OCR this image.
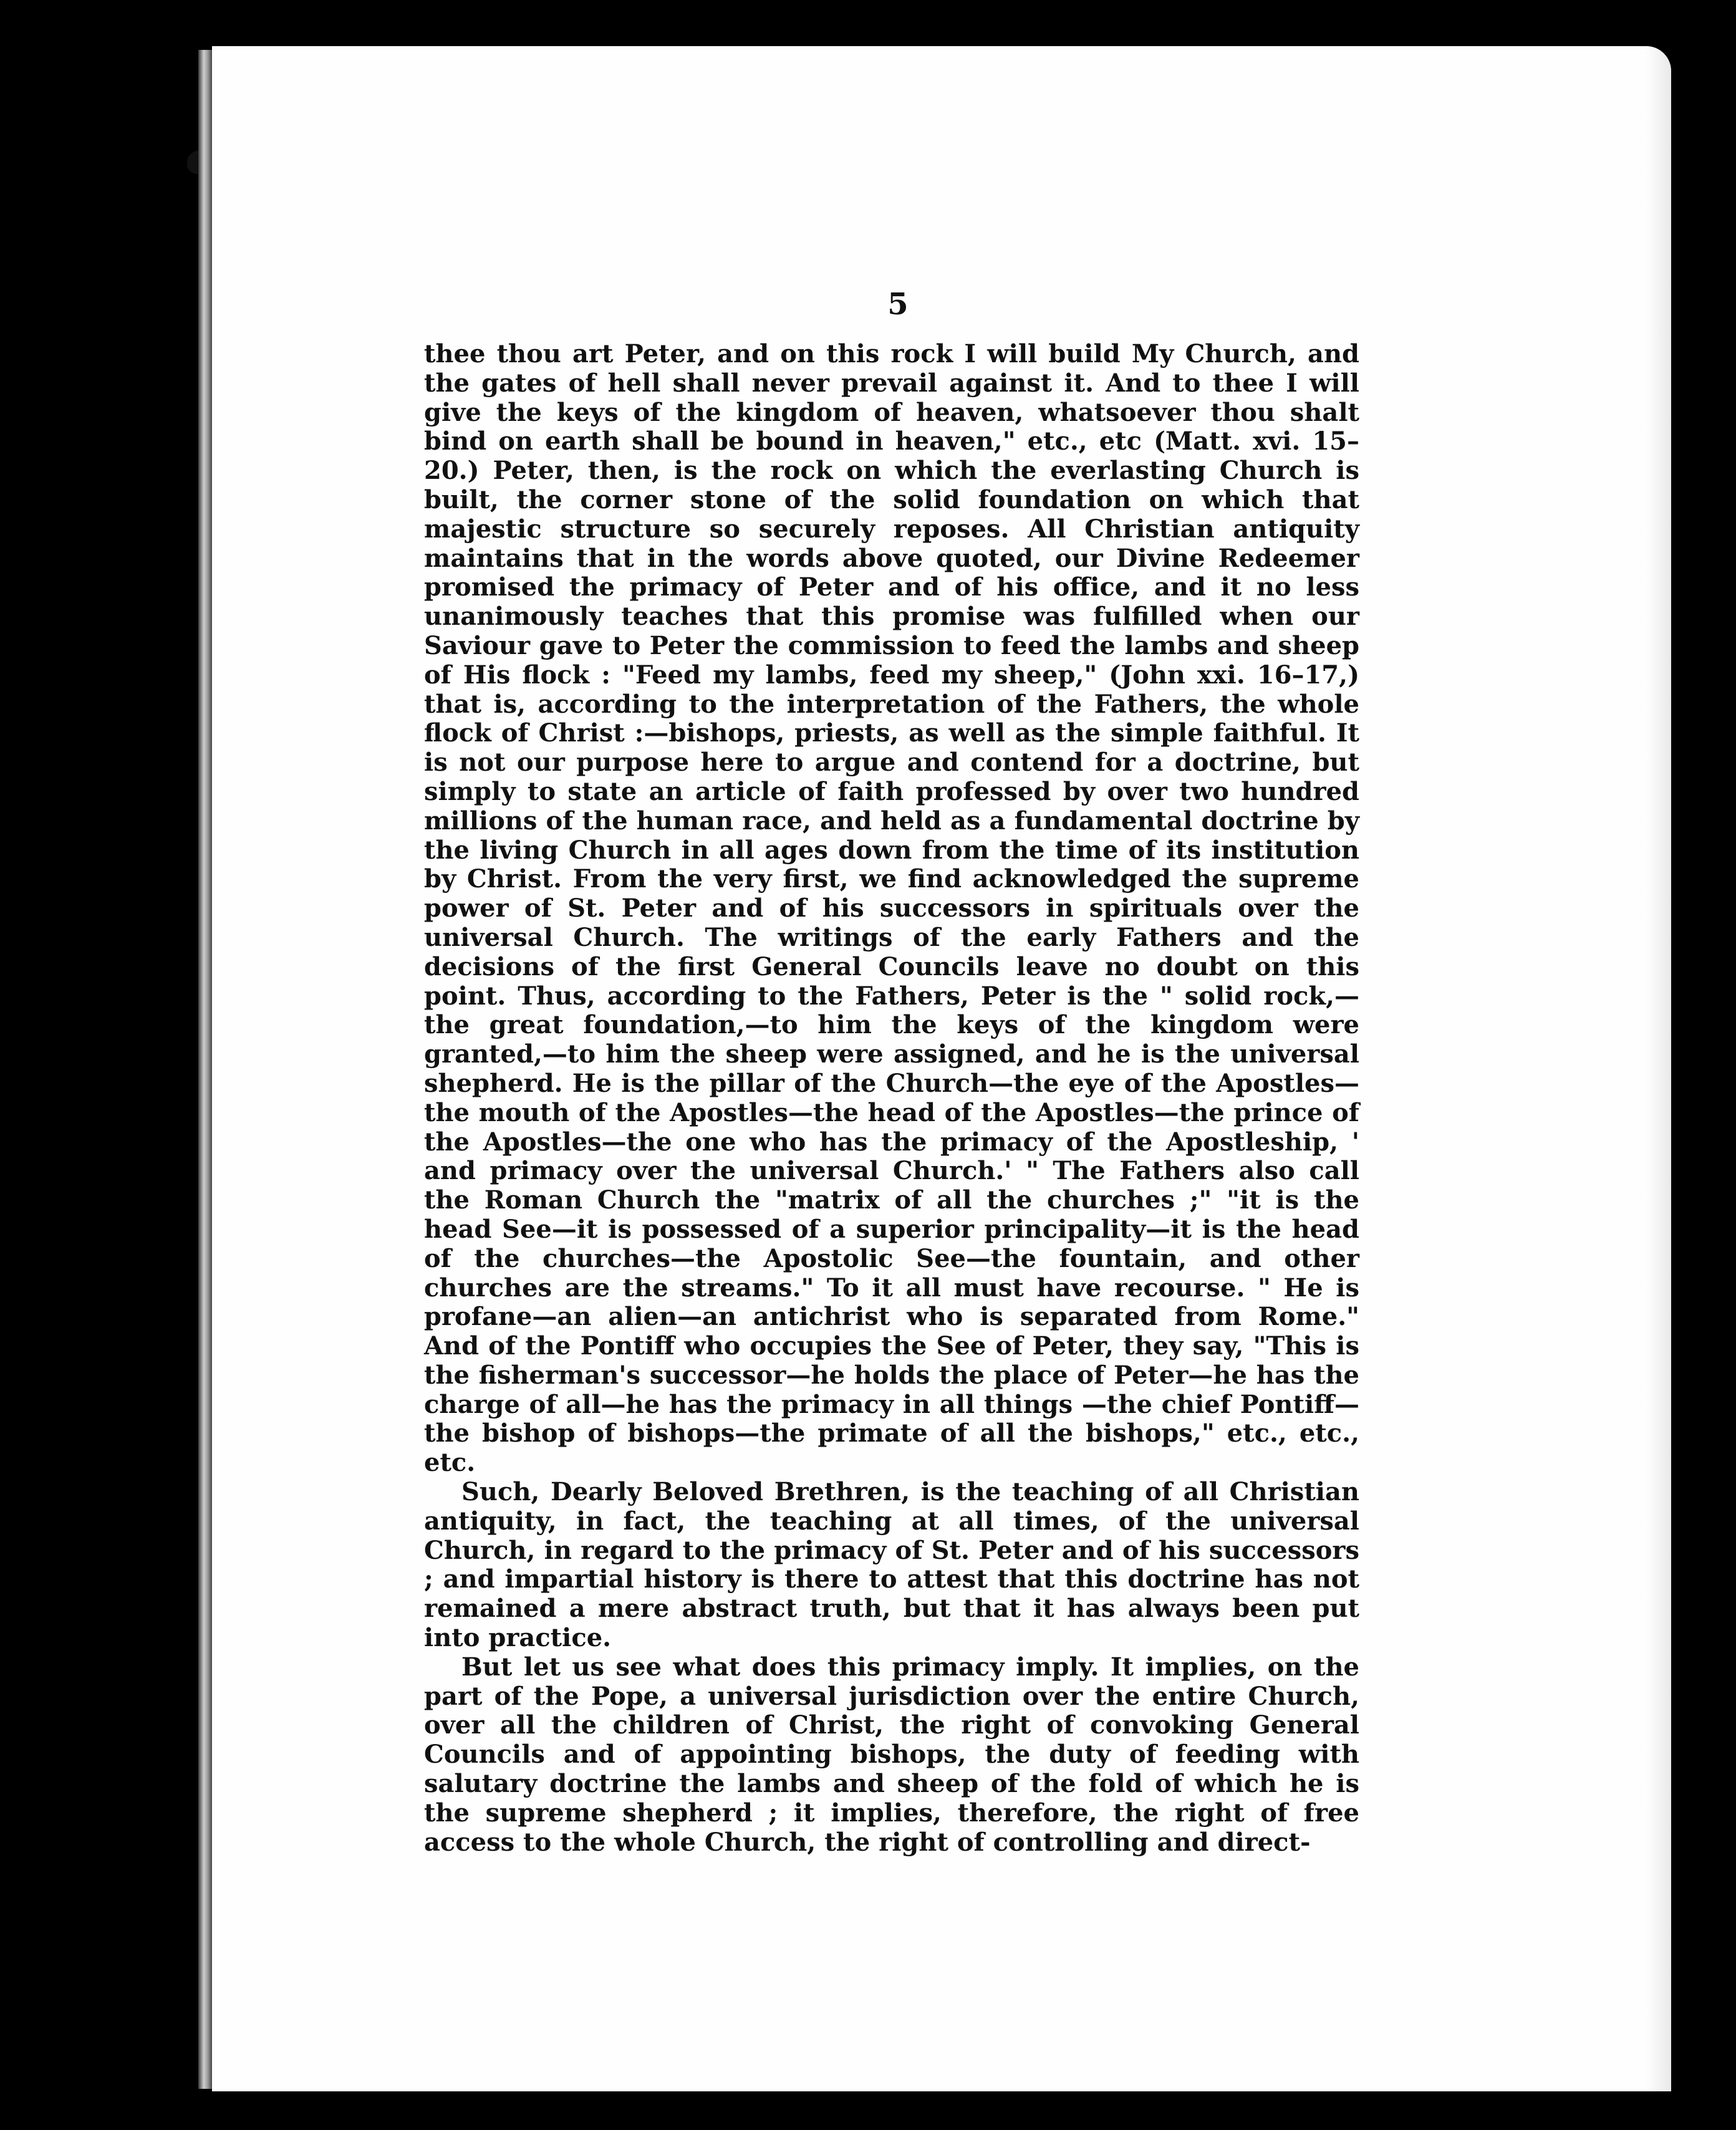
5

thee thou art Peter, and on this rock I will build My Church, and the gates of hell shall never prevail against it. And to thee I will give the keys of the kingdom of heaven, whatsoever thou shalt bind on earth shall be bound in heaven," etc., etc (Matt. xvi. 15–20.) Peter, then, is the rock on which the everlasting Church is built, the corner stone of the solid foundation on which that majestic structure so securely reposes. All Christian antiquity maintains that in the words above quoted, our Divine Redeemer promised the primacy of Peter and of his office, and it no less unanimously teaches that this promise was fulfilled when our Saviour gave to Peter the commission to feed the lambs and sheep of His flock : "Feed my lambs, feed my sheep," (John xxi. 16–17,) that is, according to the interpretation of the Fathers, the whole flock of Christ :—bishops, priests, as well as the simple faithful. It is not our purpose here to argue and contend for a doctrine, but simply to state an article of faith professed by over two hundred millions of the human race, and held as a fundamental doctrine by the living Church in all ages down from the time of its institution by Christ. From the very first, we find acknowledged the supreme power of St. Peter and of his successors in spirituals over the universal Church. The writings of the early Fathers and the decisions of the first General Councils leave no doubt on this point. Thus, according to the Fathers, Peter is the " solid rock,—the great foundation,—to him the keys of the kingdom were granted,—to him the sheep were assigned, and he is the universal shepherd. He is the pillar of the Church—the eye of the Apostles—the mouth of the Apostles—the head of the Apostles—the prince of the Apostles—the one who has the primacy of the Apostleship, ' and primacy over the universal Church.' " The Fathers also call the Roman Church the "matrix of all the churches ;" "it is the head See—it is possessed of a superior principality—it is the head of the churches—the Apostolic See—the fountain, and other churches are the streams." To it all must have recourse. " He is profane—an alien—an antichrist who is separated from Rome." And of the Pontiff who occupies the See of Peter, they say, "This is the fisherman's successor—he holds the place of Peter—he has the charge of all—he has the primacy in all things —the chief Pontiff—the bishop of bishops—the primate of all the bishops," etc., etc., etc.

Such, Dearly Beloved Brethren, is the teaching of all Christian antiquity, in fact, the teaching at all times, of the universal Church, in regard to the primacy of St. Peter and of his successors ; and impartial history is there to attest that this doctrine has not remained a mere abstract truth, but that it has always been put into practice.

But let us see what does this primacy imply. It implies, on the part of the Pope, a universal jurisdiction over the entire Church, over all the children of Christ, the right of convoking General Councils and of appointing bishops, the duty of feeding with salutary doctrine the lambs and sheep of the fold of which he is the supreme shepherd ; it implies, therefore, the right of free access to the whole Church, the right of controlling and direct-
